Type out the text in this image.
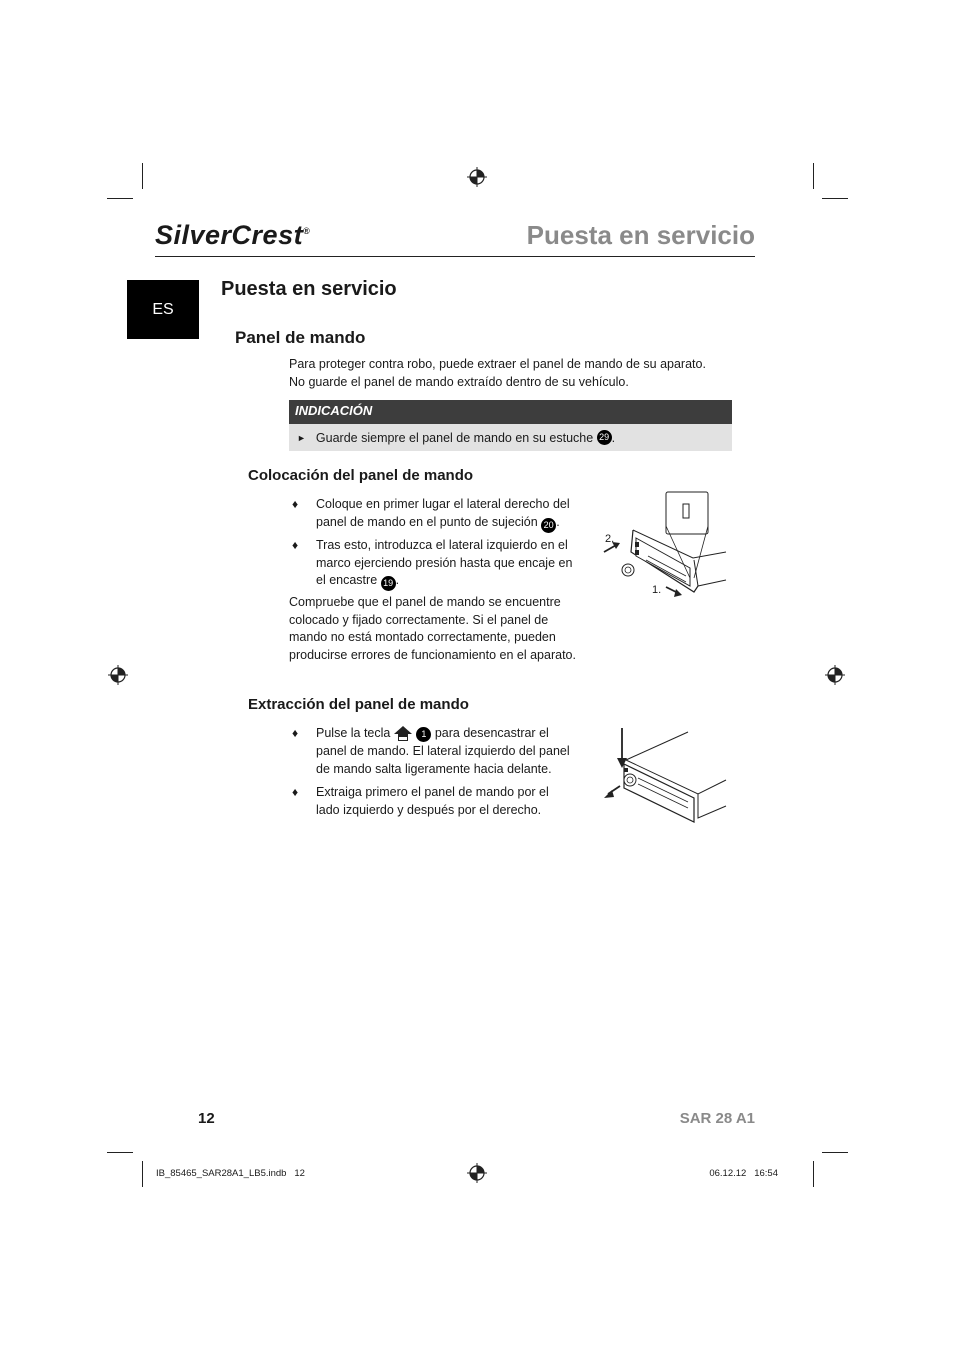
SilverCrest®	Puesta en servicio
ES
Puesta en servicio
Panel de mando
Para proteger contra robo, puede extraer el panel de mando de su aparato.
No guarde el panel de mando extraído dentro de su vehículo.
INDICACIÓN
► Guarde siempre el panel de mando en su estuche
29 .
Colocación del panel de mando
♦ Coloque en primer lugar el lateral derecho del
panel de mando en el punto de sujeción 20 .
♦ Tras esto, introduzca el lateral izquierdo en el
marco ejerciendo presión hasta que encaje en
el encastre 19 .
Compruebe que el panel de mando se encuentre
colocado y fijado correctamente. Si el panel de
mando no está montado correctamente, pueden
producirse errores de funcionamiento en el aparato.
2.
1.
Extracción del panel de mando
♦ Pulse la tecla	1
para desencastrar el
panel de mando. El lateral izquierdo del panel
de mando salta ligeramente hacia delante.
♦ Extraiga primero el panel de mando por el
lado izquierdo y después por el derecho.
12	SAR 28 A1
IB_85465_SAR28A1_LB5.indb   12	06.12.12   16:54
